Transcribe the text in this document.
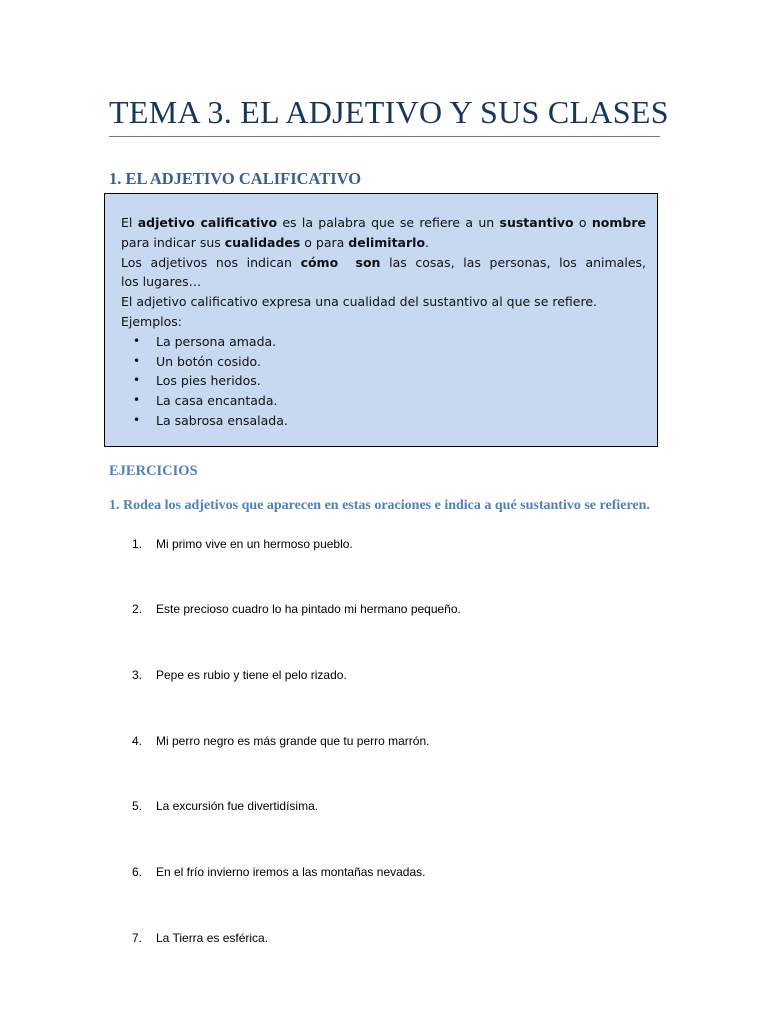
TEMA 3. EL ADJETIVO Y SUS CLASES
1. EL ADJETIVO CALIFICATIVO

El adjetivo calificativo es la palabra que se refiere a un sustantivo o nombre

para indicar sus cualidades o para delimitarlo.

Los adjetivos nos indican cómo son las cosas, las personas, los animales,

los lugares…

El adjetivo calificativo expresa una cualidad del sustantivo al que se refiere.

Ejemplos:

• La persona amada.
• Un botón cosido.
• Los pies heridos.
• La casa encantada.
• La sabrosa ensalada.
EJERCICIOS
1. Rodea los adjetivos que aparecen en estas oraciones e indica a qué sustantivo se refieren.
1. Mi primo vive en un hermoso pueblo.
2. Este precioso cuadro lo ha pintado mi hermano pequeño.
3. Pepe es rubio y tiene el pelo rizado.
4. Mi perro negro es más grande que tu perro marrón.
5. La excursión fue divertidísima.
6. En el frío invierno iremos a las montañas nevadas.
7. La Tierra es esférica.
